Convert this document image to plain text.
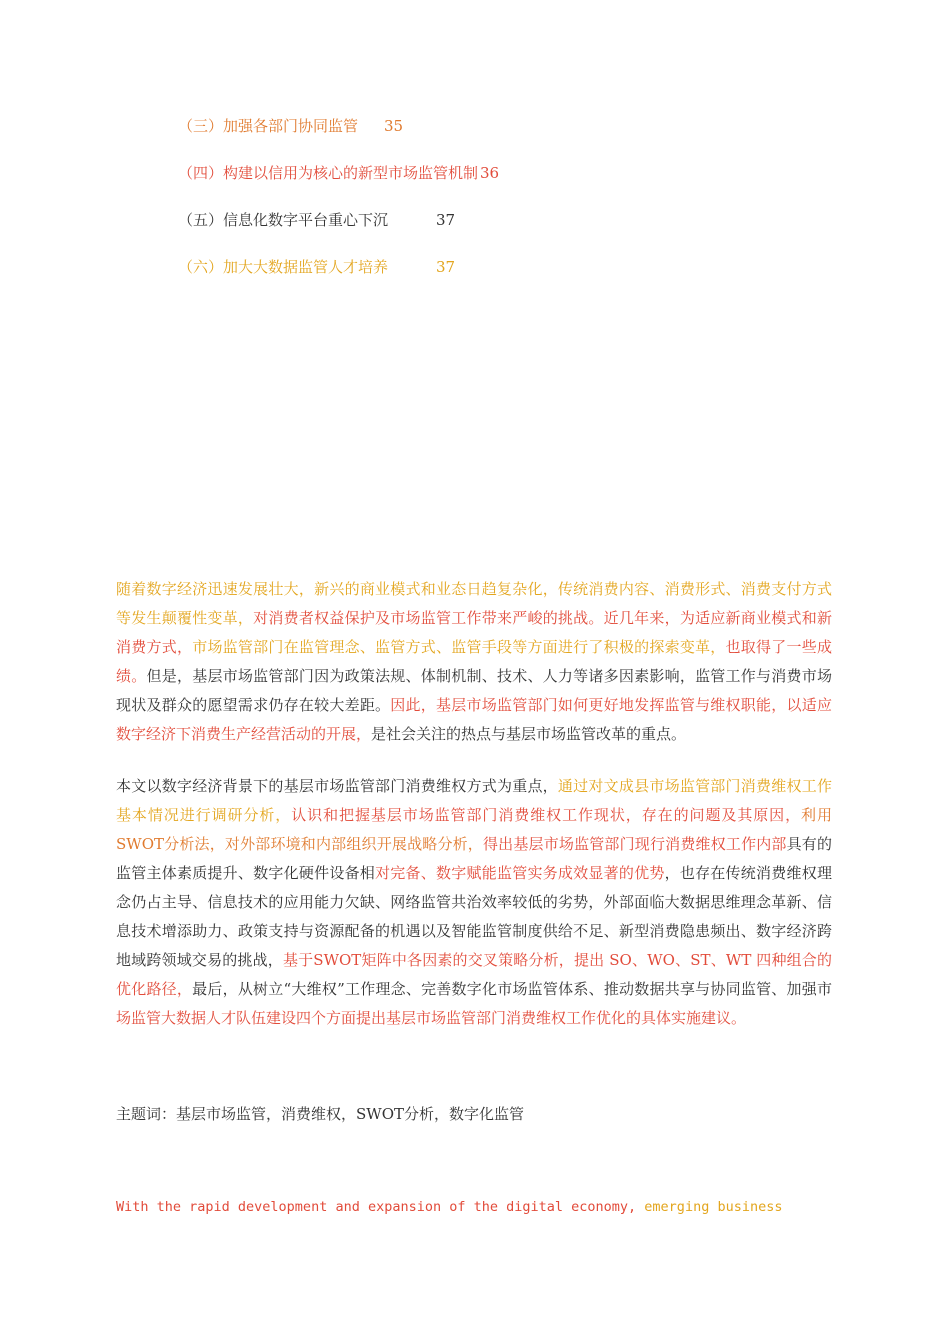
（三）加强各部门协同监管 35
（四）构建以信用为核心的新型市场监管机制 36
（五）信息化数字平台重心下沉	37
（六）加大大数据监管人才培养	37

随着数字经济迅速发展壮大，新兴的商业模式和业态日趋复杂化，传统消费内容、消费形式、消费支付方式等发生颠覆性变革，对消费者权益保护及市场监管工作带来严峻的挑战。近几年来，为适应新商业模式和新消费方式，市场监管部门在监管理念、监管方式、监管手段等方面进行了积极的探索变革，也取得了一些成绩。但是，基层市场监管部门因为政策法规、体制机制、技术、人力等诸多因素影响，监管工作与消费市场现状及群众的愿望需求仍存在较大差距。因此，基层市场监管部门如何更好地发挥监管与维权职能，以适应数字经济下消费生产经营活动的开展，是社会关注的热点与基层市场监管改革的重点。

本文以数字经济背景下的基层市场监管部门消费维权方式为重点，通过对文成县市场监管部门消费维权工作基本情况进行调研分析，认识和把握基层市场监管部门消费维权工作现状，存在的问题及其原因，利用SWOT分析法，对外部环境和内部组织开展战略分析，得出基层市场监管部门现行消费维权工作内部具有的监管主体素质提升、数字化硬件设备相对完备、数字赋能监管实务成效显著的优势，也存在传统消费维权理念仍占主导、信息技术的应用能力欠缺、网络监管共治效率较低的劣势，外部面临大数据思维理念革新、信息技术增添助力、政策支持与资源配备的机遇以及智能监管制度供给不足、新型消费隐患频出、数字经济跨地域跨领域交易的挑战，基于SWOT矩阵中各因素的交叉策略分析，提出 SO、WO、ST、WT 四种组合的优化路径，最后，从树立“大维权”工作理念、完善数字化市场监管体系、推动数据共享与协同监管、加强市场监管大数据人才队伍建设四个方面提出基层市场监管部门消费维权工作优化的具体实施建议。

主题词：基层市场监管，消费维权，SWOT分析，数字化监管
With the rapid development and expansion of the digital economy, emerging business
